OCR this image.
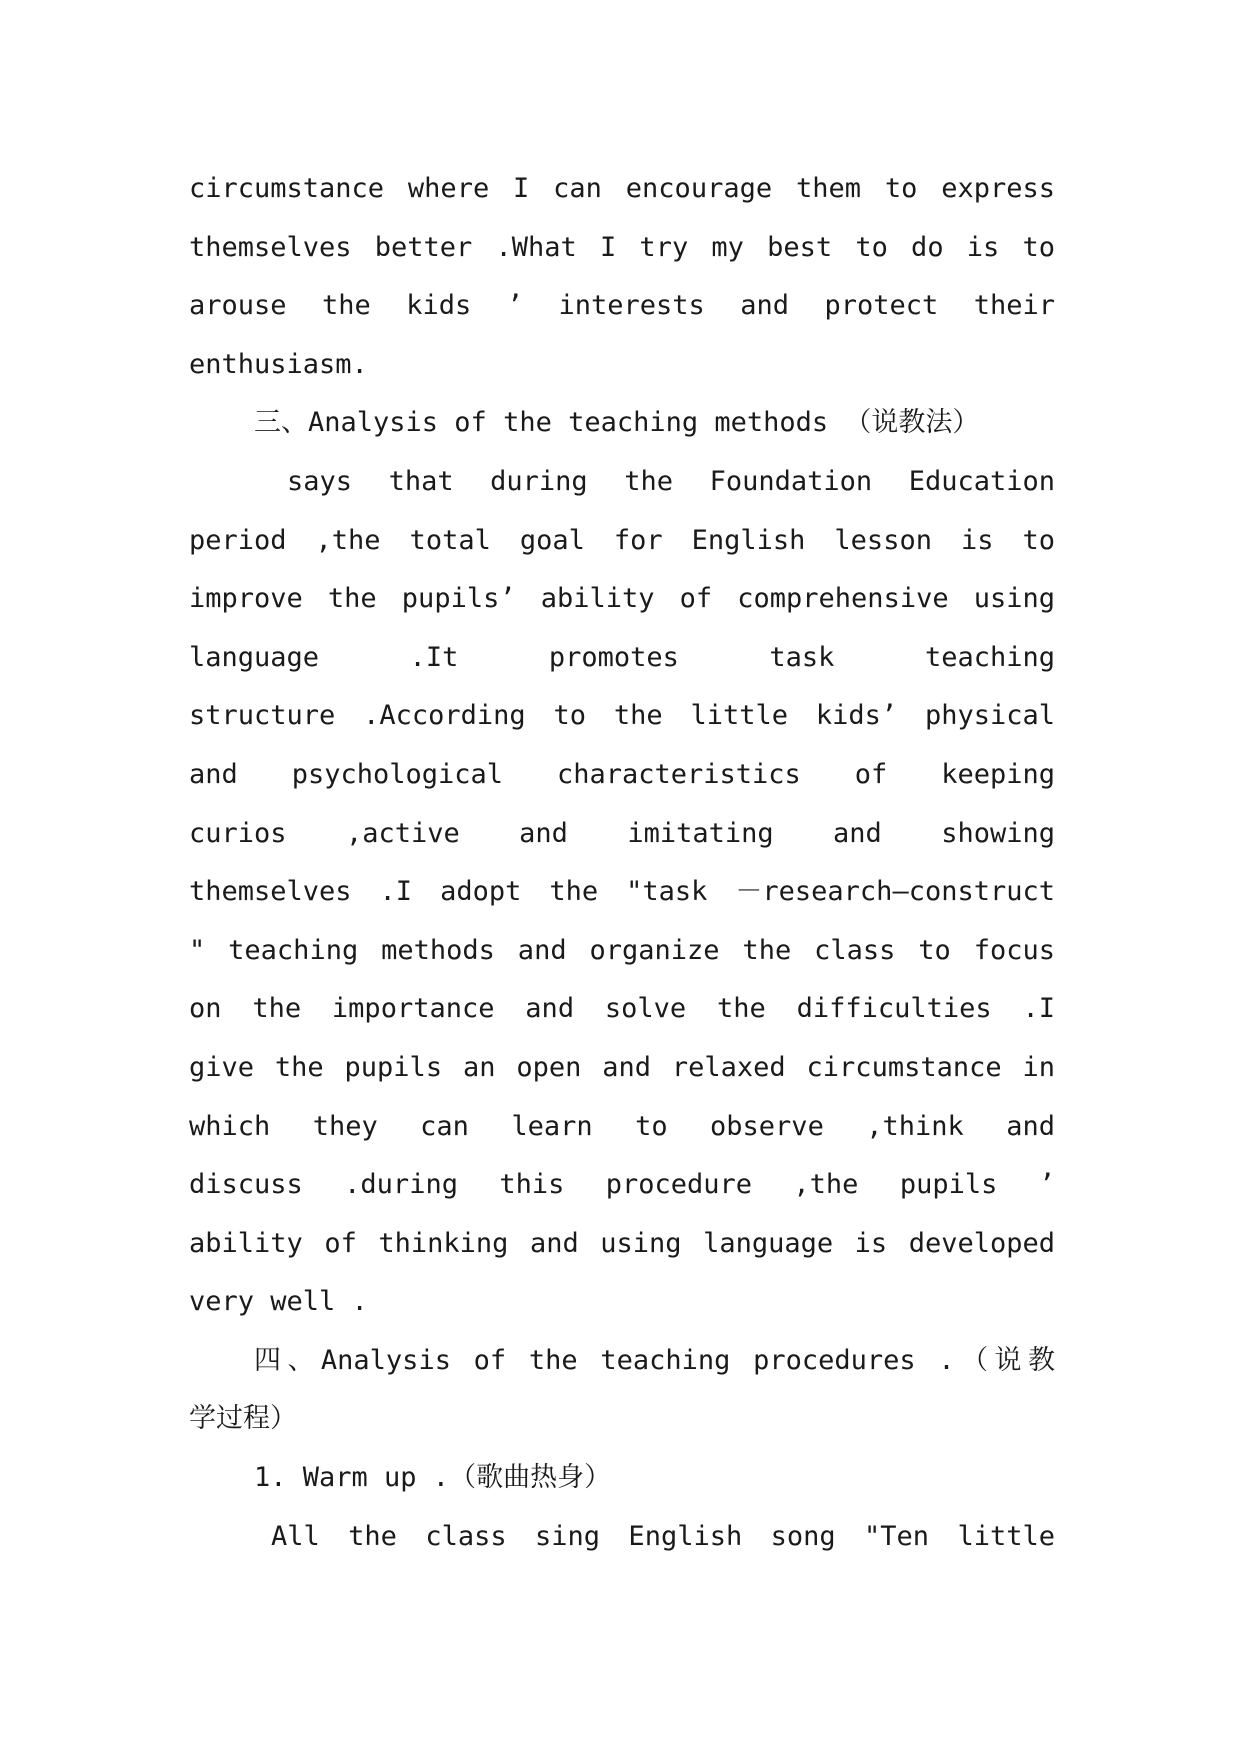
circumstance where I can encourage them to express
themselves better .What I try my best to do is to
arouse the kids ’ interests and protect their
enthusiasm.
三、Analysis of the teaching methods （说教法）
says that during the Foundation Education
period ,the total goal for English lesson is to
improve the pupils’ ability of comprehensive using
language .It promotes task teaching
structure .According to the little kids’ physical
and psychological characteristics of keeping
curios ,active and imitating and showing
themselves .I adopt the "task －research—construct
" teaching methods and organize the class to focus
on the importance and solve the difficulties .I
give the pupils an open and relaxed circumstance in
which they can learn to observe ,think and
discuss .during this procedure ,the pupils ’
ability of thinking and using language is developed
very well .
四、Analysis of the teaching procedures .（说教
学过程）
1. Warm up .（歌曲热身）
All the class sing English song "Ten little
